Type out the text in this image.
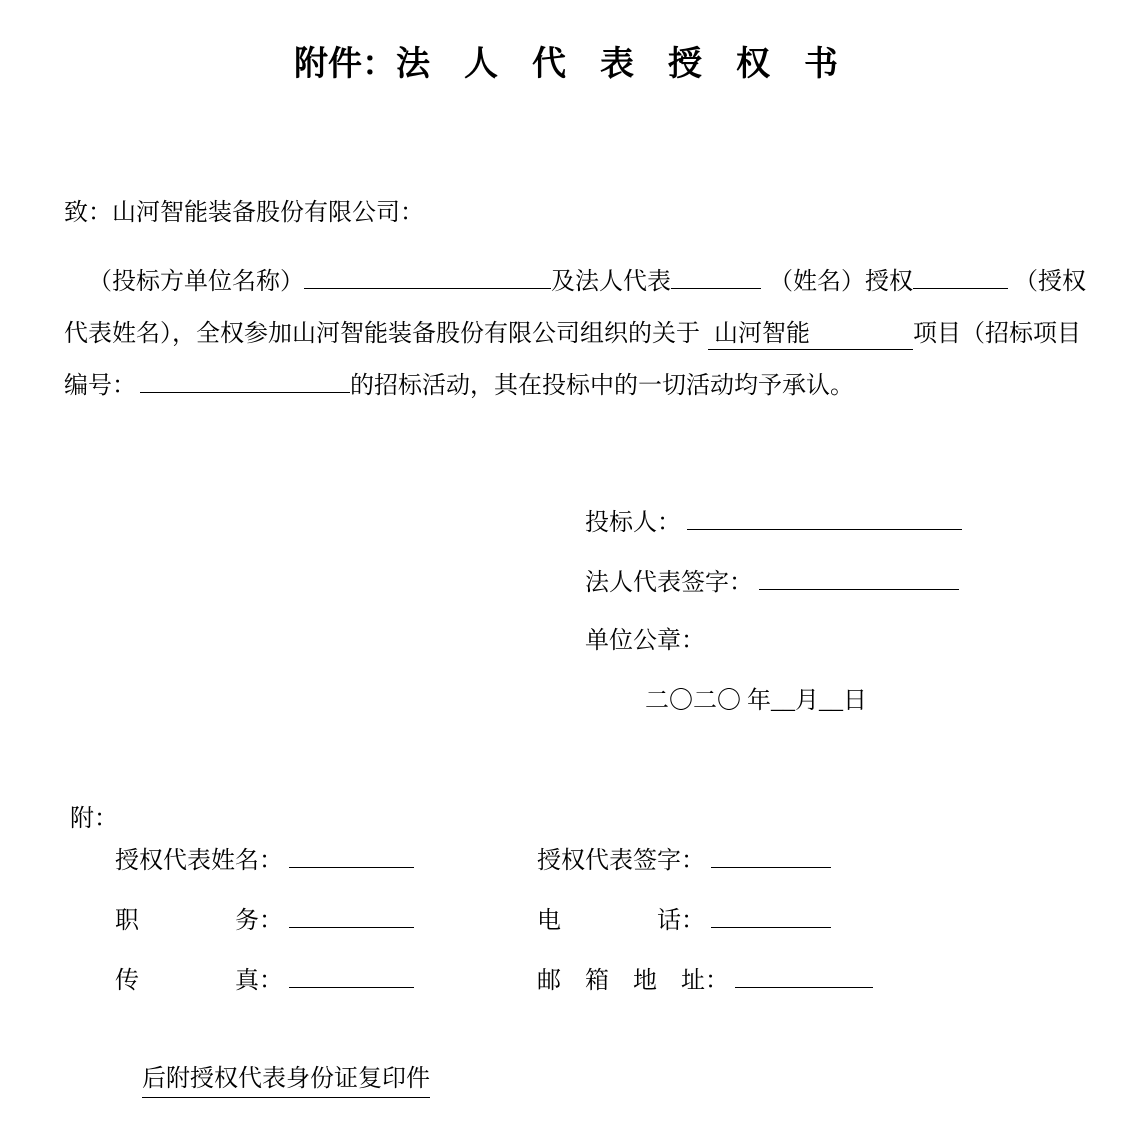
附件：法　人　代　表　授　权　书
致：山河智能装备股份有限公司：
（投标方单位名称）	及法人代表	（姓名）授权	（授权
代表姓名），全权参加山河智能装备股份有限公司组织的关于 山河智能	项目（招标项目
编号：	的招标活动，其在投标中的一切活动均予承认。
投标人：
法人代表签字：
单位公章：
二〇二〇 年__月__日
附：
授权代表姓名：	授权代表签字：
职　　　　务：	电　　　　话：
传　　　　真：	邮　箱　地　址：
后附授权代表身份证复印件
